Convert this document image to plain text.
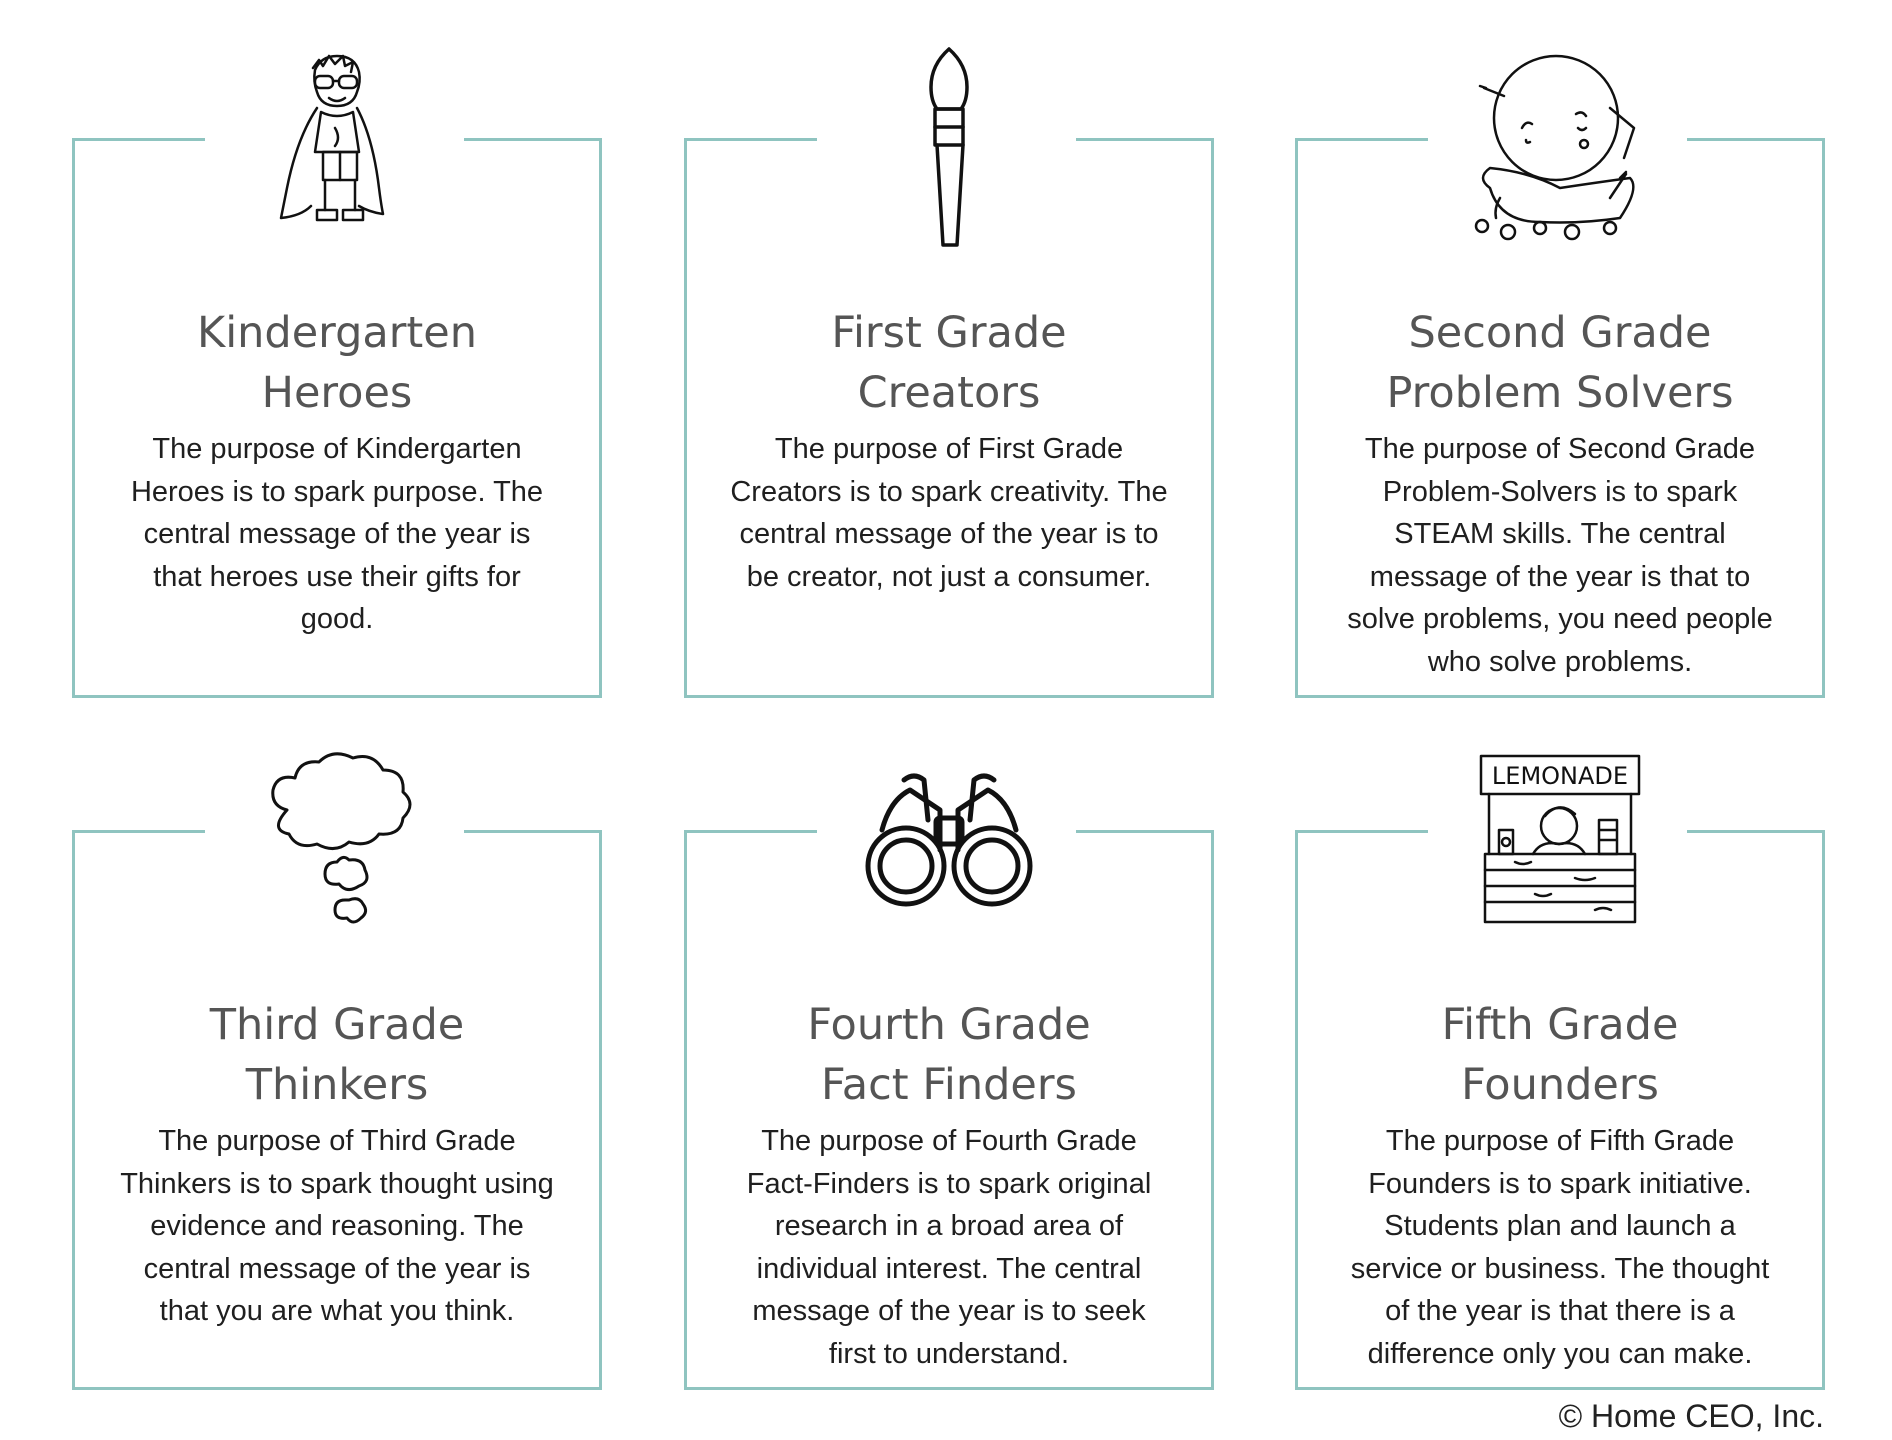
Kindergarten
Heroes

The purpose of Kindergarten Heroes is to spark purpose. The central message of the year is that heroes use their gifts for good.

First Grade
Creators

The purpose of First Grade Creators is to spark creativity. The central message of the year is to be creator, not just a consumer.

Second Grade
Problem Solvers

The purpose of Second Grade Problem-Solvers is to spark STEAM skills. The central message of the year is that to solve problems, you need people who solve problems.

Third Grade
Thinkers

The purpose of Third Grade Thinkers is to spark thought using evidence and reasoning. The central message of the year is that you are what you think.

Fourth Grade
Fact Finders

The purpose of Fourth Grade Fact-Finders is to spark original research in a broad area of individual interest. The central message of the year is to seek first to understand.

LEMONADE
Fifth Grade
Founders

The purpose of Fifth Grade Founders is to spark initiative. Students plan and launch a service or business. The thought of the year is that there is a difference only you can make.

© Home CEO, Inc.
